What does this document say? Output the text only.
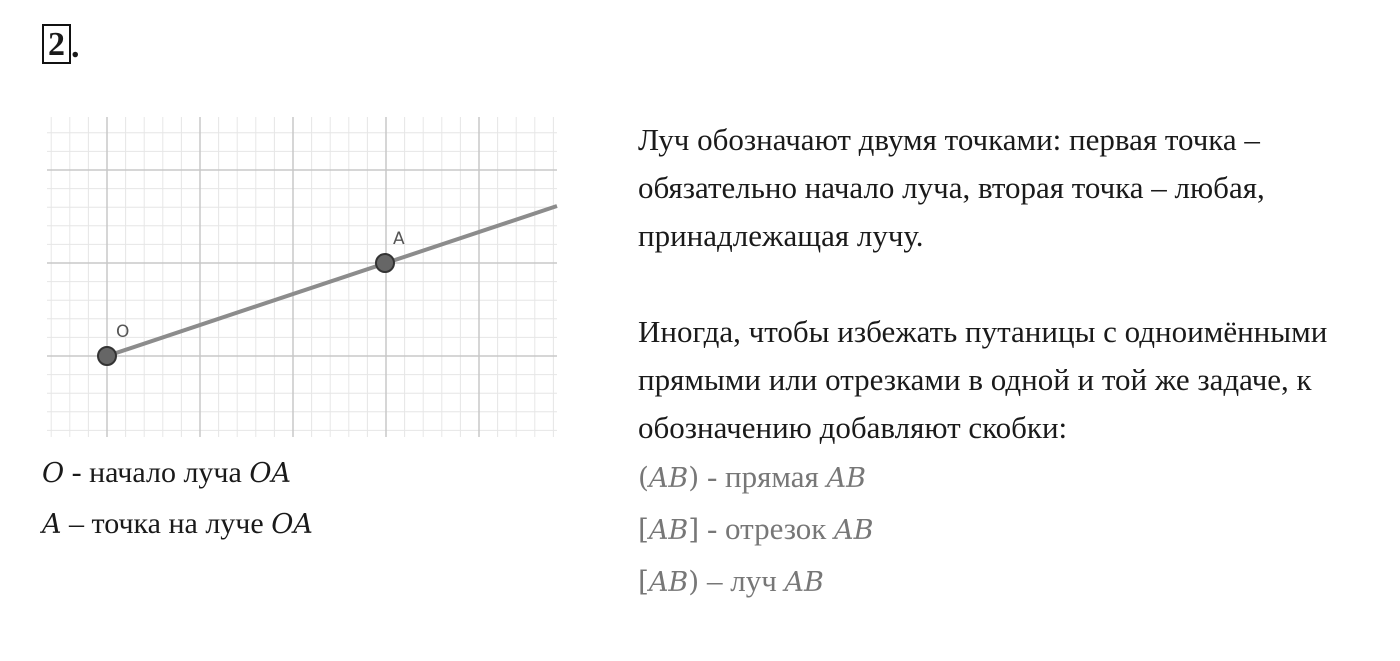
2 .
O
A
O - начало луча OA
A – точка на луче OA

Луч обозначают двумя точками: первая точка – обязательно начало луча, вторая точка – любая, принадлежащая лучу.

Иногда, чтобы избежать путаницы с одноимёнными прямыми или отрезками в одной и той же задаче, к обозначению добавляют скобки:

(AB) - прямая AB
[AB] - отрезок AB
[AB) – луч AB
